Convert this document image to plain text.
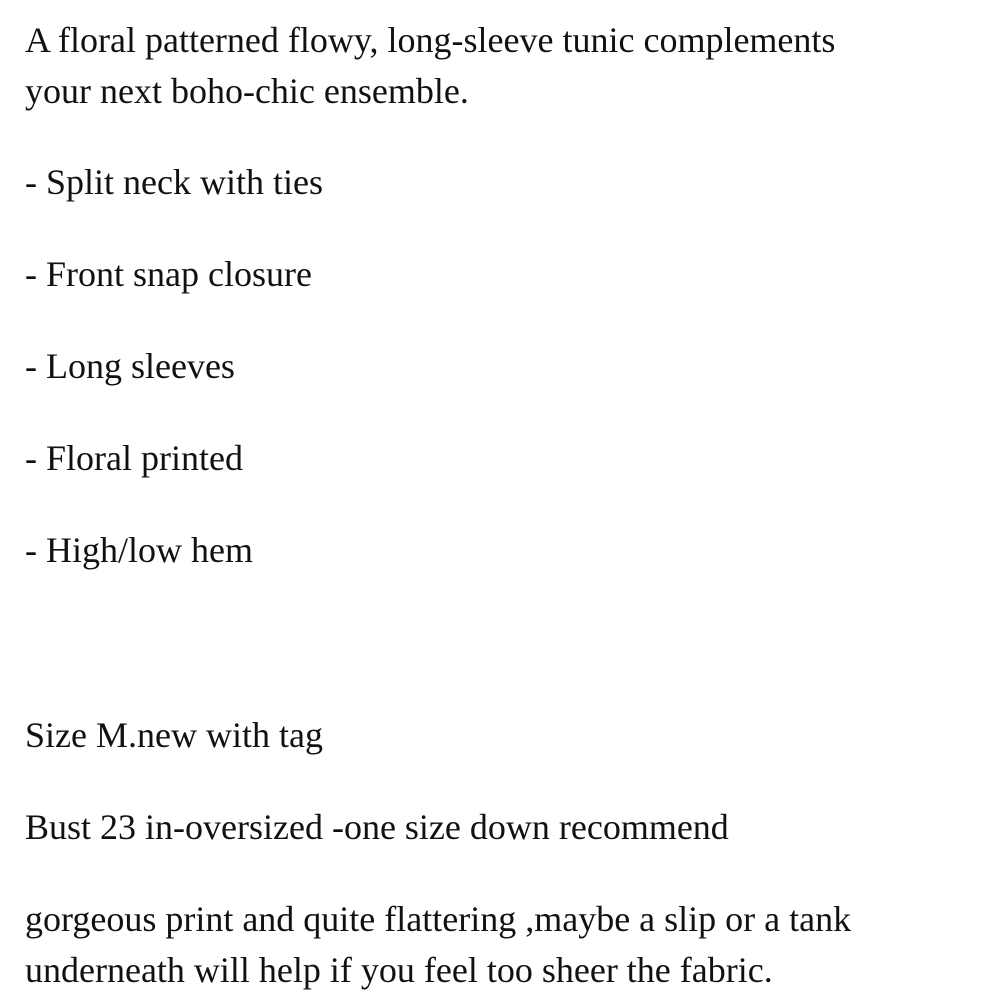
A floral patterned flowy, long-sleeve tunic complements
your next boho-chic ensemble.
- Split neck with ties
- Front snap closure
- Long sleeves
- Floral printed
- High/low hem
Size M.new with tag
Bust 23 in-oversized -one size down recommend
gorgeous print and quite flattering ,maybe a slip or a tank
underneath will help if you feel too sheer the fabric.
